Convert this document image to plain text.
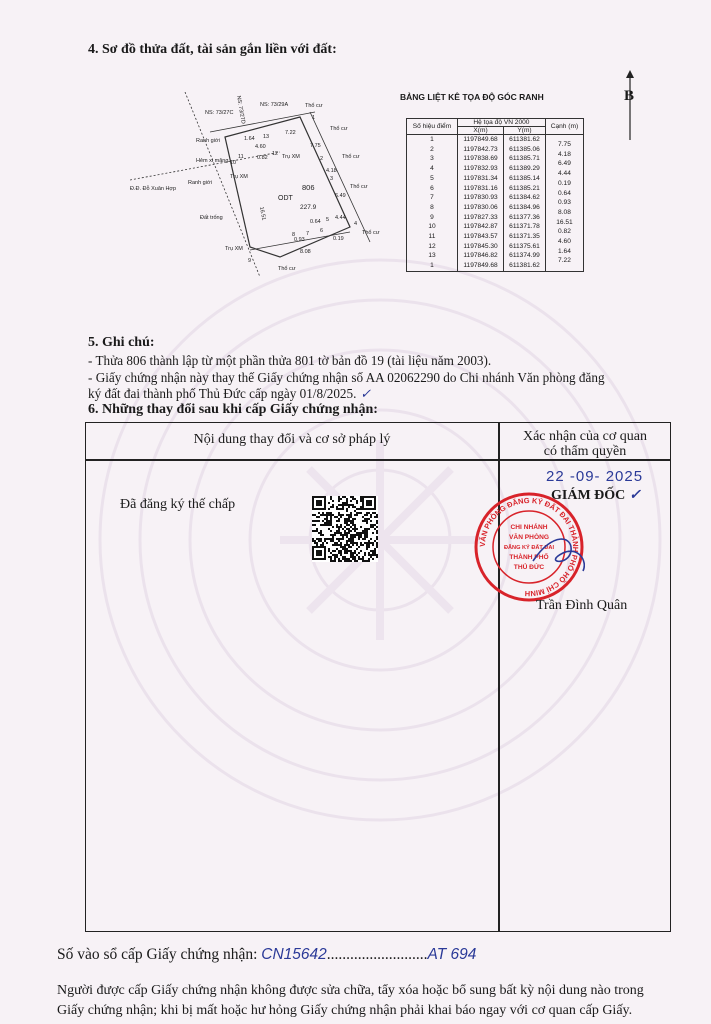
4. Sơ đồ thửa đất, tài sản gắn liền với đất:
NS: 73/27C
NS: 73/29A
NS: 73/27D	Thổ cư
Thổ cư
Thổ cư
Thổ cư
Thổ cư
Thổ cư
Ranh giới
Ranh giới
Hẻm xi măng
Đ.Đ. Đỗ Xuân Hợp
Trụ XM
Trụ XM
Trụ XM
Đất trống
806
ODT
227.9
7.22
7.75
4.18
6.49
4.44
0.19
0.64
0.93
8.08
16.51
0.82
4.60
1.64
1
2
3
4
5
6
7
8
9
10
11	12
13
BẢNG LIỆT KÊ TỌA ĐỘ GÓC RANH	B
Số hiệu điểm	Hệ tọa độ VN 2000		Cạnh (m)
	X(m)	Y(m)	
1	1197849.68	611381.62	7.75
2	1197842.73	611385.06	4.18
3	1197838.69	611385.71	6.49
4	1197832.93	611389.29	4.44
5	1197831.34	611385.14	0.19
6	1197831.16	611385.21	0.64
7	1197830.93	611384.62	0.93
8	1197830.06	611384.96	8.08
9	1197827.33	611377.36	16.51
10	1197842.87	611371.78	0.82
11	1197843.57	611371.35	4.60
12	1197845.30	611375.61	1.64
13	1197846.82	611374.99	7.22
1	1197849.68	611381.62	
5. Ghi chú:
- Thửa 806 thành lập từ một phần thửa 801 tờ bản đồ 19 (tài liệu năm 2003).
- Giấy chứng nhận này thay thế Giấy chứng nhận số AA 02062290 do Chi nhánh Văn phòng đăng
ký đất đai thành phố Thủ Đức cấp ngày 01/8/2025. ✓
6. Những thay đổi sau khi cấp Giấy chứng nhận:
Nội dung thay đổi và cơ sở pháp lý	Xác nhận của cơ quan
có thẩm quyền
Đã đăng ký thế chấp
22 -09- 2025
GIÁM ĐỐC ✓
VĂN PHÒNG ĐĂNG KÝ ĐẤT ĐAI THÀNH PHỐ HỒ CHÍ MINH
CHI NHÁNH
VĂN PHÒNG
ĐĂNG KÝ ĐẤT ĐAI
THÀNH PHỐ
THỦ ĐỨC
Trần Đình Quân
Số vào sổ cấp Giấy chứng nhận: CN15642..........................AT 694
Người được cấp Giấy chứng nhận không được sửa chữa, tẩy xóa hoặc bổ sung bất kỳ nội dung nào trong
Giấy chứng nhận; khi bị mất hoặc hư hỏng Giấy chứng nhận phải khai báo ngay với cơ quan cấp Giấy.
